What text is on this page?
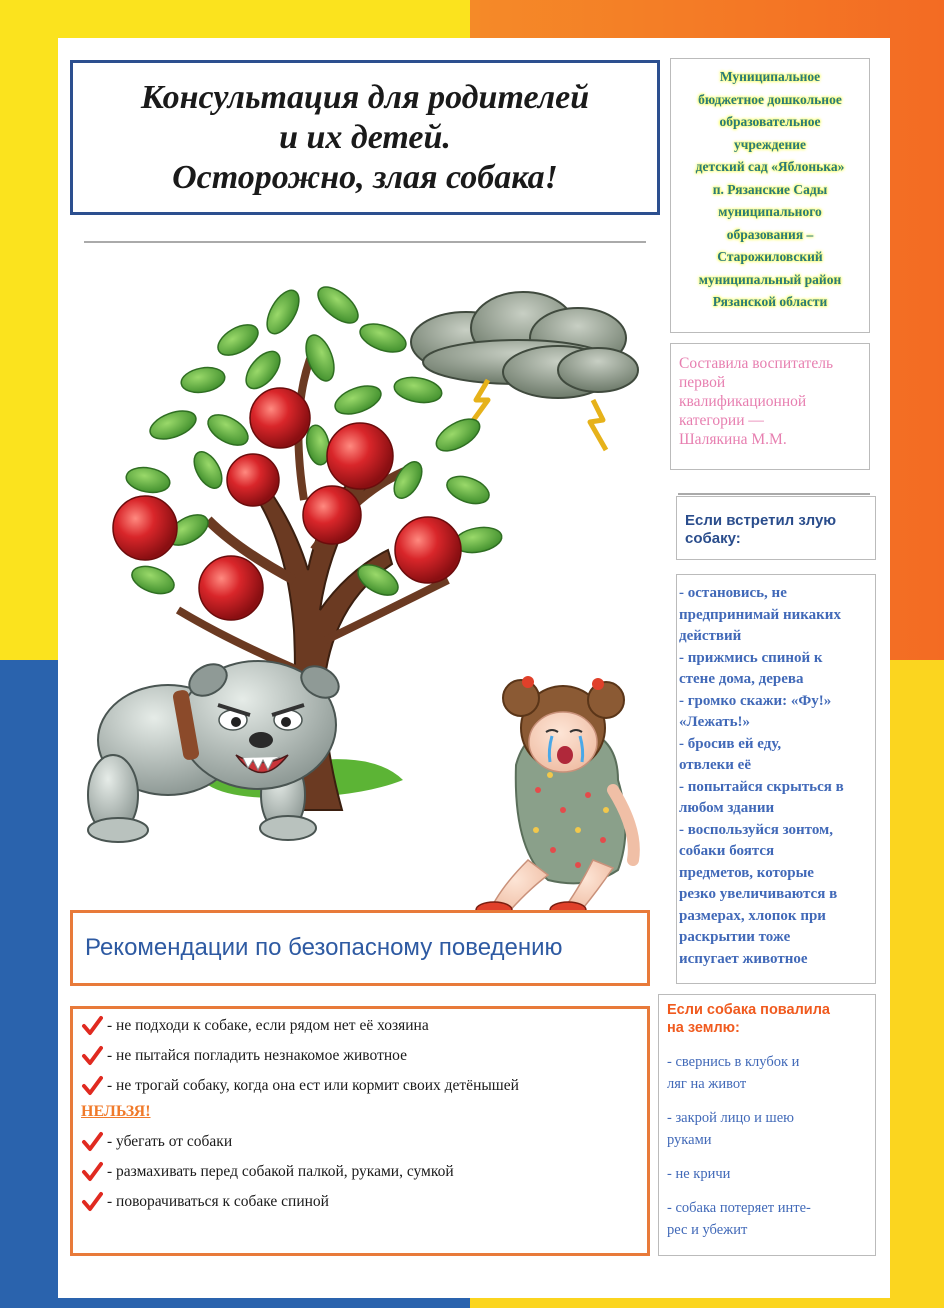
Консультация для родителей
и их детей.
Осторожно, злая собака!
Муниципальное
бюджетное дошкольное
образовательное
учреждение
детский сад «Яблонька»
п. Рязанские Сады
муниципального
образования –
Старожиловский
муниципальный район
Рязанской области
Составила воспитатель
первой
квалификационной
категории —
Шалякина М.М.
Если встретил злую
собаку:

- остановись, не
предпринимай никаких
действий

- прижмись спиной к
стене дома, дерева

- громко скажи: «Фу!»
«Лежать!»

- бросив ей еду,
отвлеки её

- попытайся скрыться в
любом здании

- воспользуйся зонтом,
собаки боятся
предметов, которые
резко увеличиваются в
размерах, хлопок при
раскрытии тоже
испугает животное

Рекомендации по безопасному поведению
- не подходи к собаке, если рядом нет её хозяина
- не пытайся погладить незнакомое животное
- не трогай собаку, когда она ест или кормит своих детёнышей
НЕЛЬЗЯ!
- убегать от собаки
- размахивать перед собакой палкой, руками, сумкой
- поворачиваться к собаке спиной

Если собака повалила
на землю:

- свернись в клубок и
ляг на живот

- закрой лицо и шею
руками

- не кричи

- собака потеряет инте-
рес и убежит
